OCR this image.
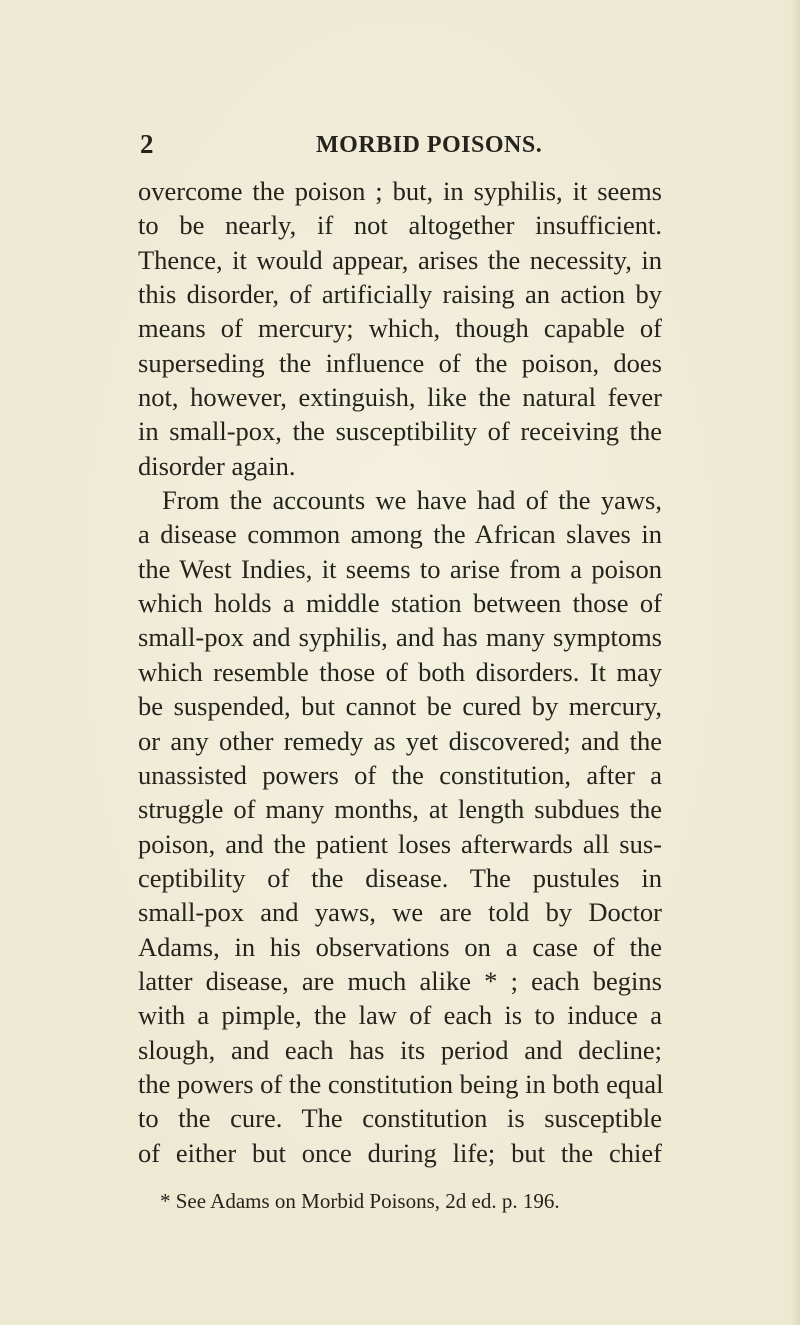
2	MORBID POISONS.
overcome the poison ; but, in syphilis, it seems
to be nearly, if not altogether insufficient.
Thence, it would appear, arises the necessity, in
this disorder, of artificially raising an action by
means of mercury; which, though capable of
superseding the influence of the poison, does
not, however, extinguish, like the natural fever
in small-pox, the susceptibility of receiving the
disorder again.
From the accounts we have had of the yaws,
a disease common among the African slaves in
the West Indies, it seems to arise from a poison
which holds a middle station between those of
small-pox and syphilis, and has many symptoms
which resemble those of both disorders. It may
be suspended, but cannot be cured by mercury,
or any other remedy as yet discovered; and the
unassisted powers of the constitution, after a
struggle of many months, at length subdues the
poison, and the patient loses afterwards all sus-
ceptibility of the disease. The pustules in
small-pox and yaws, we are told by Doctor
Adams, in his observations on a case of the
latter disease, are much alike * ; each begins
with a pimple, the law of each is to induce a
slough, and each has its period and decline;
the powers of the constitution being in both equal
to the cure. The constitution is susceptible
of either but once during life; but the chief
* See Adams on Morbid Poisons, 2d ed. p. 196.
